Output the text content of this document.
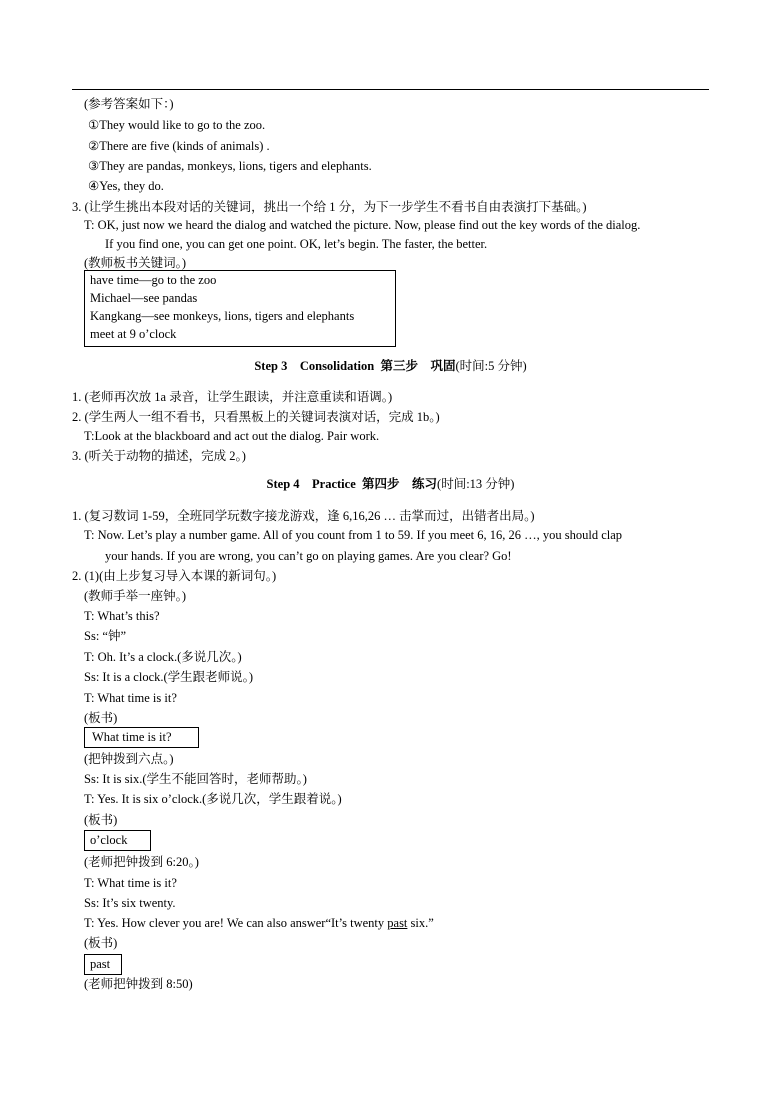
(参考答案如下：)
①They would like to go to the zoo.
②There are five (kinds of animals) .
③They are pandas, monkeys, lions, tigers and elephants.
④Yes, they do.
3. (让学生挑出本段对话的关键词，挑出一个给 1 分，为下一步学生不看书自由表演打下基础。)
T: OK, just now we heard the dialog and watched the picture. Now, please find out the key words of the dialog.
If you find one, you can get one point. OK, let’s begin. The faster, the better.
(教师板书关键词。)
have time—go to the zoo
Michael—see pandas
Kangkang—see monkeys, lions, tigers and elephants
meet at 9 o’clock
Step 3 Consolidation 第三步 巩固(时间:5 分钟)
1. (老师再次放 1a 录音，让学生跟读，并注意重读和语调。)
2. (学生两人一组不看书，只看黑板上的关键词表演对话，完成 1b。)
T:Look at the blackboard and act out the dialog. Pair work.
3. (听关于动物的描述，完成 2。)
Step 4 Practice 第四步 练习(时间:13 分钟)
1. (复习数词 1-59，全班同学玩数字接龙游戏，逢 6,16,26 … 击掌而过，出错者出局。)
T: Now. Let’s play a number game. All of you count from 1 to 59. If you meet 6, 16, 26 …, you should clap
your hands. If you are wrong, you can’t go on playing games. Are you clear? Go!
2. (1)(由上步复习导入本课的新词句。)
(教师手举一座钟。)
T: What’s this?
Ss: “钟”
T: Oh. It’s a clock.(多说几次。)
Ss: It is a clock.(学生跟老师说。)
T: What time is it?
(板书)
What time is it?
(把钟拨到六点。)
Ss: It is six.(学生不能回答时，老师帮助。)
T: Yes. It is six o’clock.(多说几次，学生跟着说。)
(板书)
o’clock
(老师把钟拨到 6:20。)
T: What time is it?
Ss: It’s six twenty.
T: Yes. How clever you are! We can also answer“It’s twenty past six.”
(板书)
past
(老师把钟拨到 8:50)
